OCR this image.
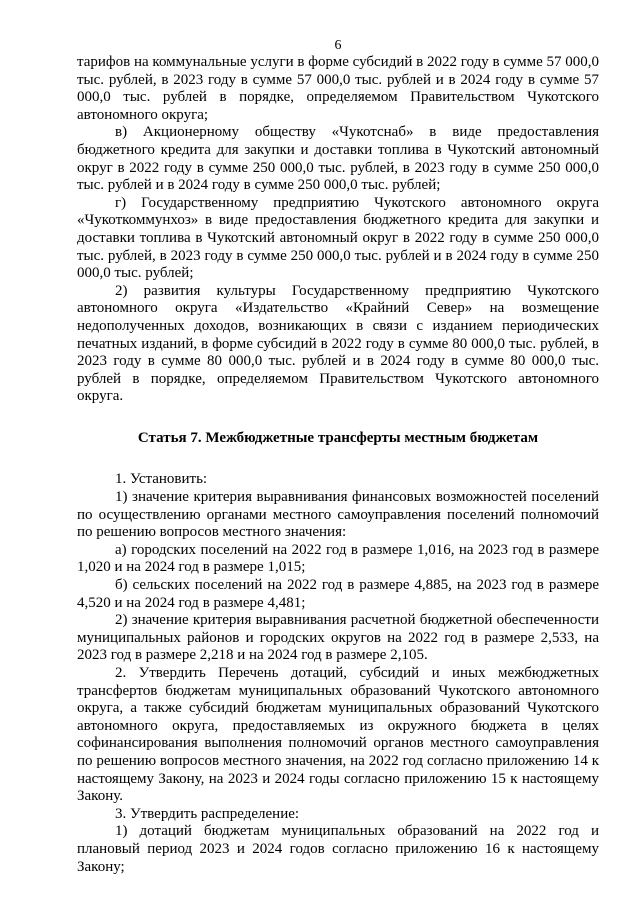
6

тарифов на коммунальные услуги в форме субсидий в 2022 году в сумме 57 000,0 тыс. рублей, в 2023 году в сумме 57 000,0 тыс. рублей и в 2024 году в сумме 57 000,0 тыс. рублей в порядке, определяемом Правительством Чукотского автономного округа;

в) Акционерному обществу «Чукотснаб» в виде предоставления бюджетного кредита для закупки и доставки топлива в Чукотский автономный округ в 2022 году в сумме 250 000,0 тыс. рублей, в 2023 году в сумме 250 000,0 тыс. рублей и в 2024 году в сумме 250 000,0 тыс. рублей;

г) Государственному предприятию Чукотского автономного округа «Чукоткоммунхоз» в виде предоставления бюджетного кредита для закупки и доставки топлива в Чукотский автономный округ в 2022 году в сумме 250 000,0 тыс. рублей, в 2023 году в сумме 250 000,0 тыс. рублей и в 2024 году в сумме 250 000,0 тыс. рублей;

2) развития культуры Государственному предприятию Чукотского автономного округа «Издательство «Крайний Север» на возмещение недополученных доходов, возникающих в связи с изданием периодических печатных изданий, в форме субсидий в 2022 году в сумме 80 000,0 тыс. рублей, в 2023 году в сумме 80 000,0 тыс. рублей и в 2024 году в сумме 80 000,0 тыс. рублей в порядке, определяемом Правительством Чукотского автономного округа.

Статья 7. Межбюджетные трансферты местным бюджетам

1. Установить:

1) значение критерия выравнивания финансовых возможностей поселений по осуществлению органами местного самоуправления поселений полномочий по решению вопросов местного значения:

а) городских поселений на 2022 год в размере 1,016, на 2023 год в размере 1,020 и на 2024 год в размере 1,015;

б) сельских поселений на 2022 год в размере 4,885, на 2023 год в размере 4,520 и на 2024 год в размере 4,481;

2) значение критерия выравнивания расчетной бюджетной обеспеченности муниципальных районов и городских округов на 2022 год в размере 2,533, на 2023 год в размере 2,218 и на 2024 год в размере 2,105.

2. Утвердить Перечень дотаций, субсидий и иных межбюджетных трансфертов бюджетам муниципальных образований Чукотского автономного округа, а также субсидий бюджетам муниципальных образований Чукотского автономного округа, предоставляемых из окружного бюджета в целях софинансирования выполнения полномочий органов местного самоуправления по решению вопросов местного значения, на 2022 год согласно приложению 14 к настоящему Закону, на 2023 и 2024 годы согласно приложению 15 к настоящему Закону.

3. Утвердить распределение:

1) дотаций бюджетам муниципальных образований на 2022 год и плановый период 2023 и 2024 годов согласно приложению 16 к настоящему Закону;
